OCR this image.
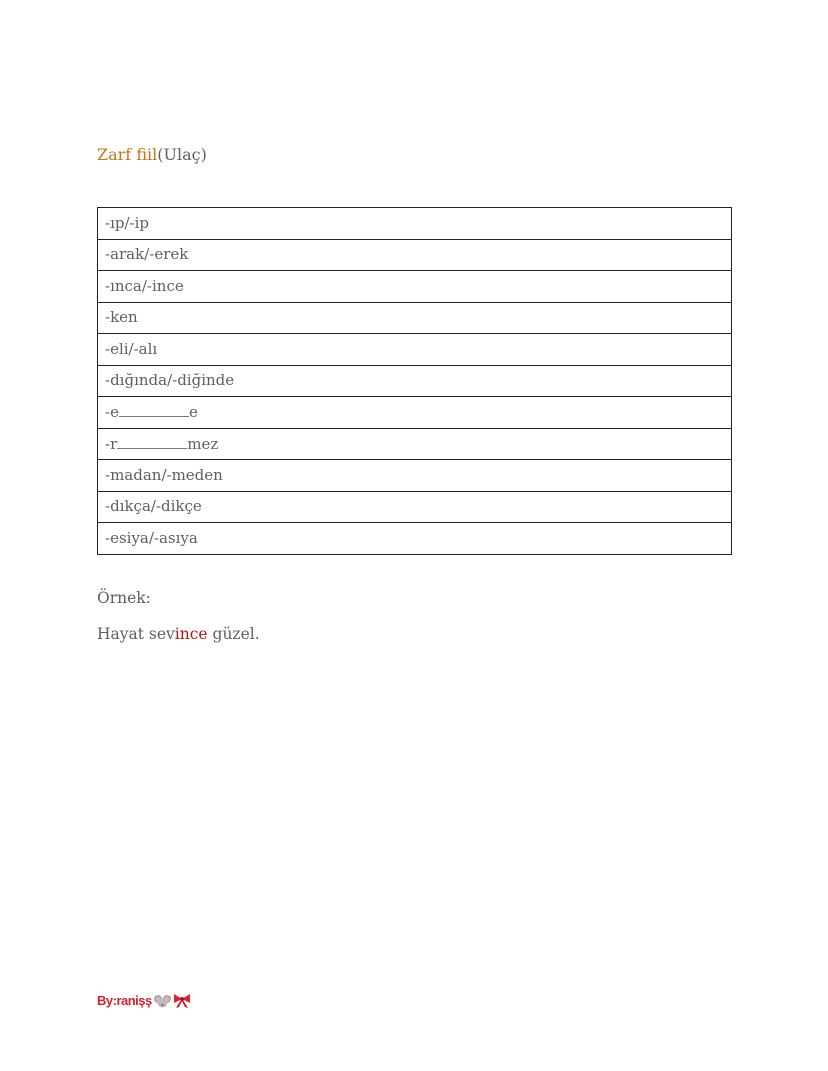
Zarf fiil(Ulaç)
-ıp/-ip
-arak/-erek
-ınca/-ince
-ken
-eli/-alı
-dığında/-diğinde
-e	e
-r	mez
-madan/-meden
-dıkça/-dikçe
-esiya/-asıya
Örnek:
Hayat sevince güzel.
By:ranişş
